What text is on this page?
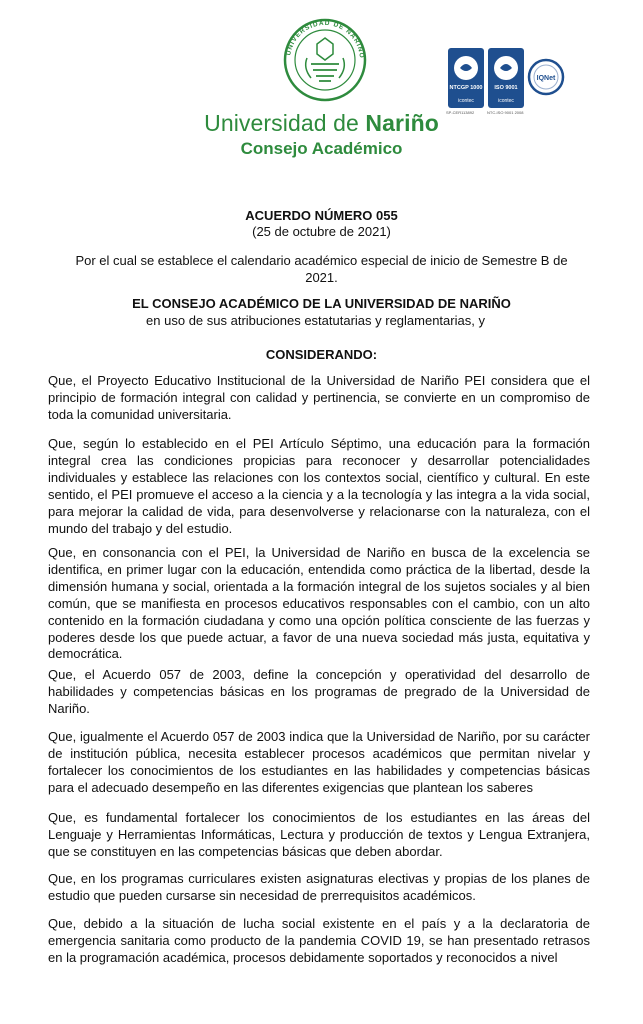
UNIVERSIDAD DE NARIÑO
NTCGP 1000
icontec
ISO 9001
icontec
IQNet
SP-CER113892	NTC-ISO 9001 2008
Universidad de Nariño
Consejo Académico
ACUERDO NÚMERO 055
(25 de octubre de 2021)
Por el cual se establece el calendario académico especial de inicio de Semestre B de 2021.
EL CONSEJO ACADÉMICO DE LA UNIVERSIDAD DE NARIÑO
en uso de sus atribuciones estatutarias y reglamentarias, y
CONSIDERANDO:

Que, el Proyecto Educativo Institucional de la Universidad de Nariño PEI considera que el principio de formación integral con calidad y pertinencia, se convierte en un compromiso de toda la comunidad universitaria.

Que, según lo establecido en el PEI Artículo Séptimo, una educación para la formación integral crea las condiciones propicias para reconocer y desarrollar potencialidades individuales y establece las relaciones con los contextos social, científico y cultural. En este sentido, el PEI promueve el acceso a la ciencia y a la tecnología y las integra a la vida social, para mejorar la calidad de vida, para desenvolverse y relacionarse con la naturaleza, con el mundo del trabajo y del estudio.

Que, en consonancia con el PEI, la Universidad de Nariño en busca de la excelencia se identifica, en primer lugar con la educación, entendida como práctica de la libertad, desde la dimensión humana y social, orientada a la formación integral de los sujetos sociales y al bien común, que se manifiesta en procesos educativos responsables con el cambio, con un alto contenido en la formación ciudadana y como una opción política consciente de las fuerzas y poderes desde los que puede actuar, a favor de una nueva sociedad más justa, equitativa y democrática.

Que, el Acuerdo 057 de 2003, define la concepción y operatividad del desarrollo de habilidades y competencias básicas en los programas de pregrado de la Universidad de Nariño.

Que, igualmente el Acuerdo 057 de 2003 indica que la Universidad de Nariño, por su carácter de institución pública, necesita establecer procesos académicos que permitan nivelar y fortalecer los conocimientos de los estudiantes en las habilidades y competencias básicas para el adecuado desempeño en las diferentes exigencias que plantean los saberes

Que, es fundamental fortalecer los conocimientos de los estudiantes en las áreas del Lenguaje y Herramientas Informáticas, Lectura y producción de textos y Lengua Extranjera, que se constituyen en las competencias básicas que deben abordar.

Que, en los programas curriculares existen asignaturas electivas y propias de los planes de estudio que pueden cursarse sin necesidad de prerrequisitos académicos.

Que, debido a la situación de lucha social existente en el país y a la declaratoria de emergencia sanitaria como producto de la pandemia COVID 19, se han presentado retrasos en la programación académica, procesos debidamente soportados y reconocidos a nivel
